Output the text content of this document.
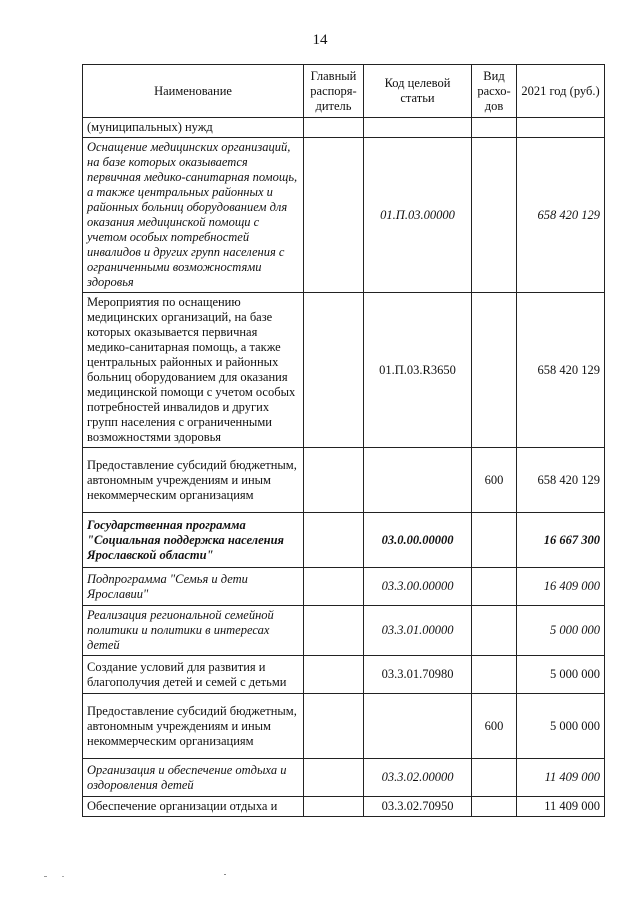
14
Наименование	Главный распоря-дитель	Код целевой статьи	Вид расхо-дов	2021 год (руб.)
(муниципальных) нужд				
Оснащение медицинских организаций, на базе которых оказывается первичная медико-санитарная помощь, а также центральных районных и районных больниц оборудованием для оказания медицинской помощи с учетом особых потребностей инвалидов и других групп населения с ограниченными возможностями здоровья		01.П.03.00000		658 420 129
Мероприятия по оснащению медицинских организаций, на базе которых оказывается первичная медико-санитарная помощь, а также центральных районных и районных больниц оборудованием для оказания медицинской помощи с учетом особых потребностей инвалидов и других групп населения с ограниченными возможностями здоровья		01.П.03.R3650		658 420 129
Предоставление субсидий бюджетным, автономным учреждениям и иным некоммерческим организациям			600	658 420 129
Государственная программа "Социальная поддержка населения Ярославской области"		03.0.00.00000		16 667 300
Подпрограмма "Семья и дети Ярославии"		03.3.00.00000		16 409 000
Реализация региональной семейной политики и политики в интересах детей		03.3.01.00000		5 000 000
Создание условий для развития и благополучия детей и семей с детьми		03.3.01.70980		5 000 000
Предоставление субсидий бюджетным, автономным учреждениям и иным некоммерческим организациям			600	5 000 000
Организация и обеспечение отдыха и оздоровления детей		03.3.02.00000		11 409 000
Обеспечение организации отдыха и		03.3.02.70950		11 409 000
